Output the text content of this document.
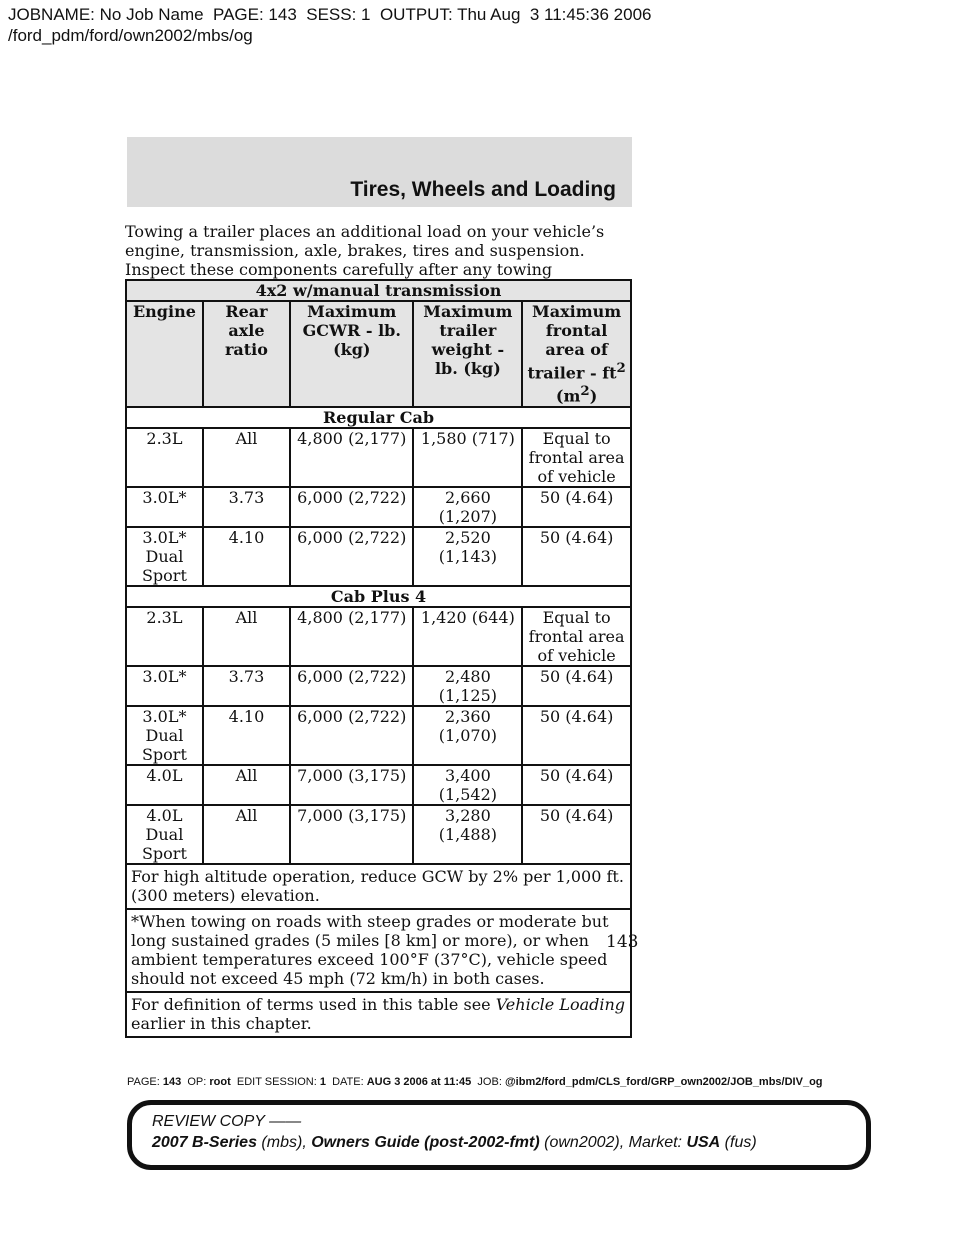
JOBNAME: No Job Name  PAGE: 143  SESS: 1  OUTPUT: Thu Aug  3 11:45:36 2006
/ford_pdm/ford/own2002/mbs/og
Tires, Wheels and Loading

Towing a trailer places an additional load on your vehicle’s engine, transmission, axle, brakes, tires and suspension. Inspect these components carefully after any towing operation.	4x2 w/manual transmission				
Engine	Rear axle ratio	Maximum GCWR - lb. (kg)	Maximum trailer weight - lb. (kg)	Maximum frontal area of trailer - $ft^2$ $(m^2)$
Regular Cab				
2.3L	All	4,800 (2,177)	1,580 (717)	Equal to frontal area of vehicle
3.0L*	3.73	6,000 (2,722)	2,660 (1,207)	50 (4.64)
3.0L* Dual Sport	4.10	6,000 (2,722)	2,520 (1,143)	50 (4.64)
Cab Plus 4				
2.3L	All	4,800 (2,177)	1,420 (644)	Equal to frontal area of vehicle
3.0L*	3.73	6,000 (2,722)	2,480 (1,125)	50 (4.64)
3.0L* Dual Sport	4.10	6,000 (2,722)	2,360 (1,070)	50 (4.64)
4.0L	All	7,000 (3,175)	3,400 (1,542)	50 (4.64)
4.0L Dual Sport	All	7,000 (3,175)	3,280 (1,488)	50 (4.64)
For high altitude operation, reduce GCW by 2% per 1,000 ft. (300 meters) elevation.				
*When towing on roads with steep grades or moderate but long sustained grades (5 miles [8 km] or more), or when ambient temperatures exceed 100°F (37°C), vehicle speed should not exceed 45 mph (72 km/h) in both cases.				
For definition of terms used in this table see Vehicle Loading earlier in this chapter.				
143
PAGE: 143 OP: root EDIT SESSION: 1 DATE: AUG 3 2006 at 11:45 JOB: @ibm2/ford_pdm/CLS_ford/GRP_own2002/JOB_mbs/DIV_og
REVIEW COPY ——
2007 B-Series (mbs), Owners Guide (post-2002-fmt) (own2002), Market: USA (fus)
